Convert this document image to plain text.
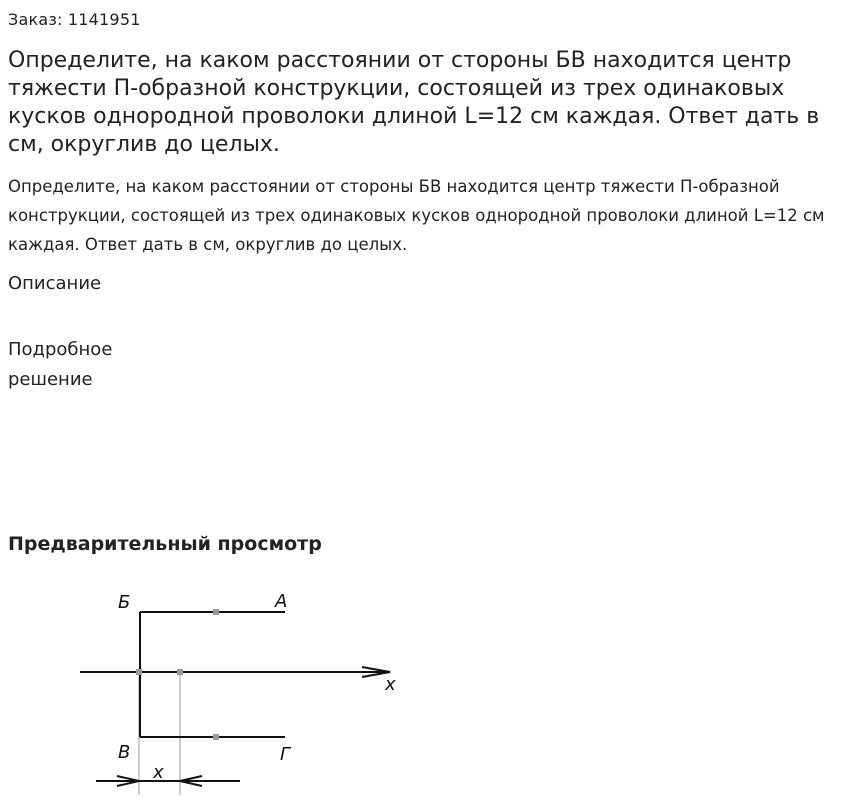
Заказ: 1141951
Определите, на каком расстоянии от стороны БВ находится центр тяжести П-образной конструкции, состоящей из трех одинаковых кусков однородной проволоки длиной L=12 см каждая. Ответ дать в см, округлив до целых.
Определите, на каком расстоянии от стороны БВ находится центр тяжести П-образной конструкции, состоящей из трех одинаковых кусков однородной проволоки длиной L=12 см каждая. Ответ дать в см, округлив до целых.
Описание
Подробное решение
Предварительный просмотр
Б	А
x
В	Г
x
